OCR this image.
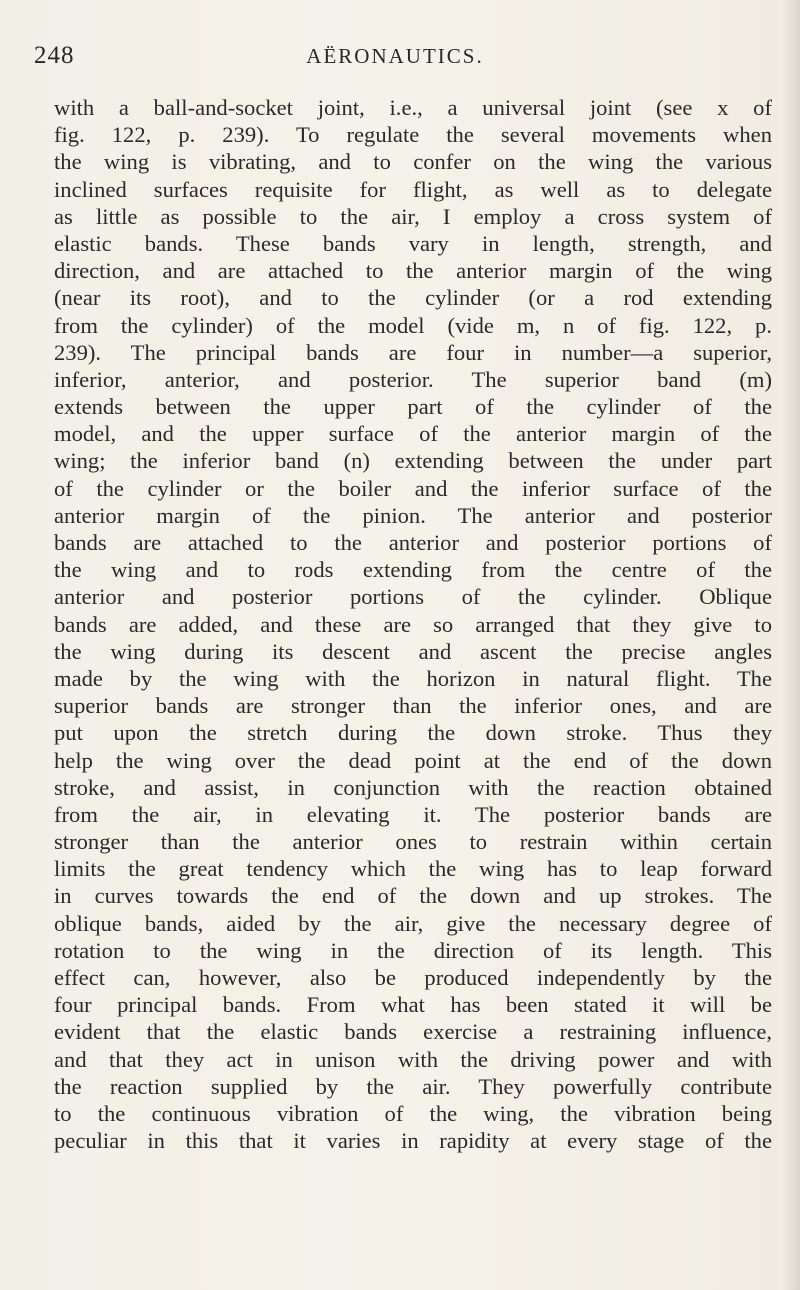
248	AËRONAUTICS.
with a ball-and-socket joint, i.e., a universal joint (see x of
fig. 122, p. 239). To regulate the several movements when
the wing is vibrating, and to confer on the wing the various
inclined surfaces requisite for flight, as well as to delegate
as little as possible to the air, I employ a cross system of
elastic bands. These bands vary in length, strength, and
direction, and are attached to the anterior margin of the wing
(near its root), and to the cylinder (or a rod extending
from the cylinder) of the model (vide m, n of fig. 122, p.
239). The principal bands are four in number—a superior,
inferior, anterior, and posterior. The superior band (m)
extends between the upper part of the cylinder of the
model, and the upper surface of the anterior margin of the
wing; the inferior band (n) extending between the under part
of the cylinder or the boiler and the inferior surface of the
anterior margin of the pinion. The anterior and posterior
bands are attached to the anterior and posterior portions of
the wing and to rods extending from the centre of the
anterior and posterior portions of the cylinder. Oblique
bands are added, and these are so arranged that they give to
the wing during its descent and ascent the precise angles
made by the wing with the horizon in natural flight. The
superior bands are stronger than the inferior ones, and are
put upon the stretch during the down stroke. Thus they
help the wing over the dead point at the end of the down
stroke, and assist, in conjunction with the reaction obtained
from the air, in elevating it. The posterior bands are
stronger than the anterior ones to restrain within certain
limits the great tendency which the wing has to leap forward
in curves towards the end of the down and up strokes. The
oblique bands, aided by the air, give the necessary degree of
rotation to the wing in the direction of its length. This
effect can, however, also be produced independently by the
four principal bands. From what has been stated it will be
evident that the elastic bands exercise a restraining influence,
and that they act in unison with the driving power and with
the reaction supplied by the air. They powerfully contribute
to the continuous vibration of the wing, the vibration being
peculiar in this that it varies in rapidity at every stage of the
